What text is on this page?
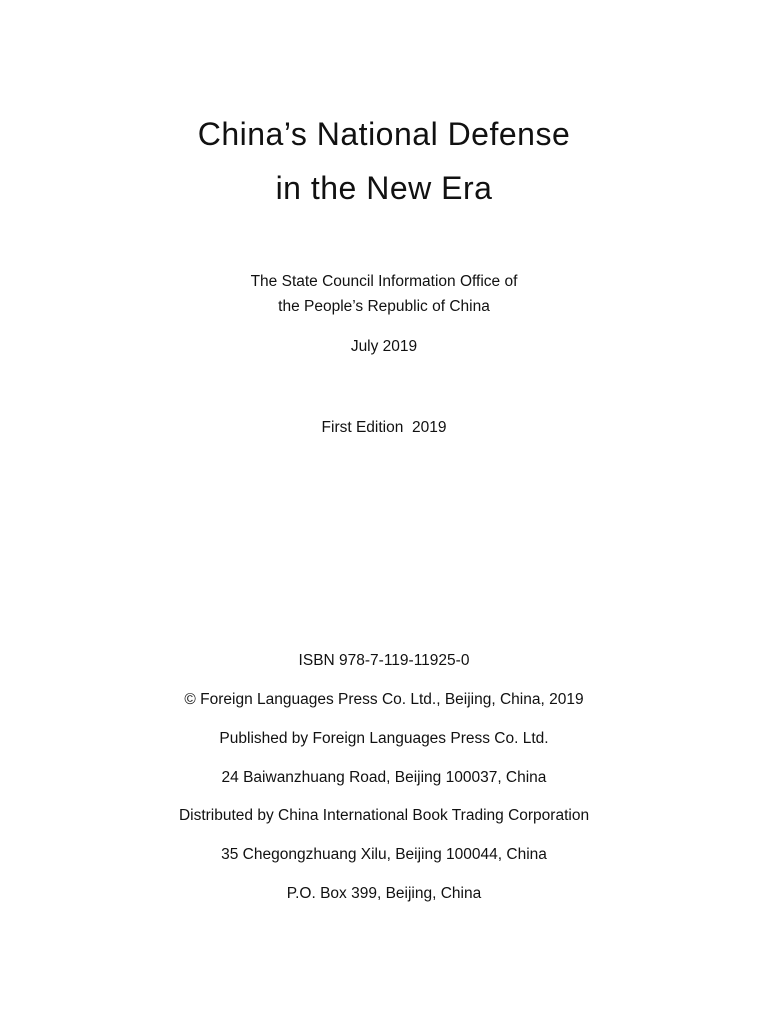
China’s National Defense
in the New Era

The State Council Information Office of

the People’s Republic of China

July 2019

First Edition  2019

ISBN 978-7-119-11925-0

© Foreign Languages Press Co. Ltd., Beijing, China, 2019

Published by Foreign Languages Press Co. Ltd.

24 Baiwanzhuang Road, Beijing 100037, China

Distributed by China International Book Trading Corporation

35 Chegongzhuang Xilu, Beijing 100044, China

P.O. Box 399, Beijing, China
